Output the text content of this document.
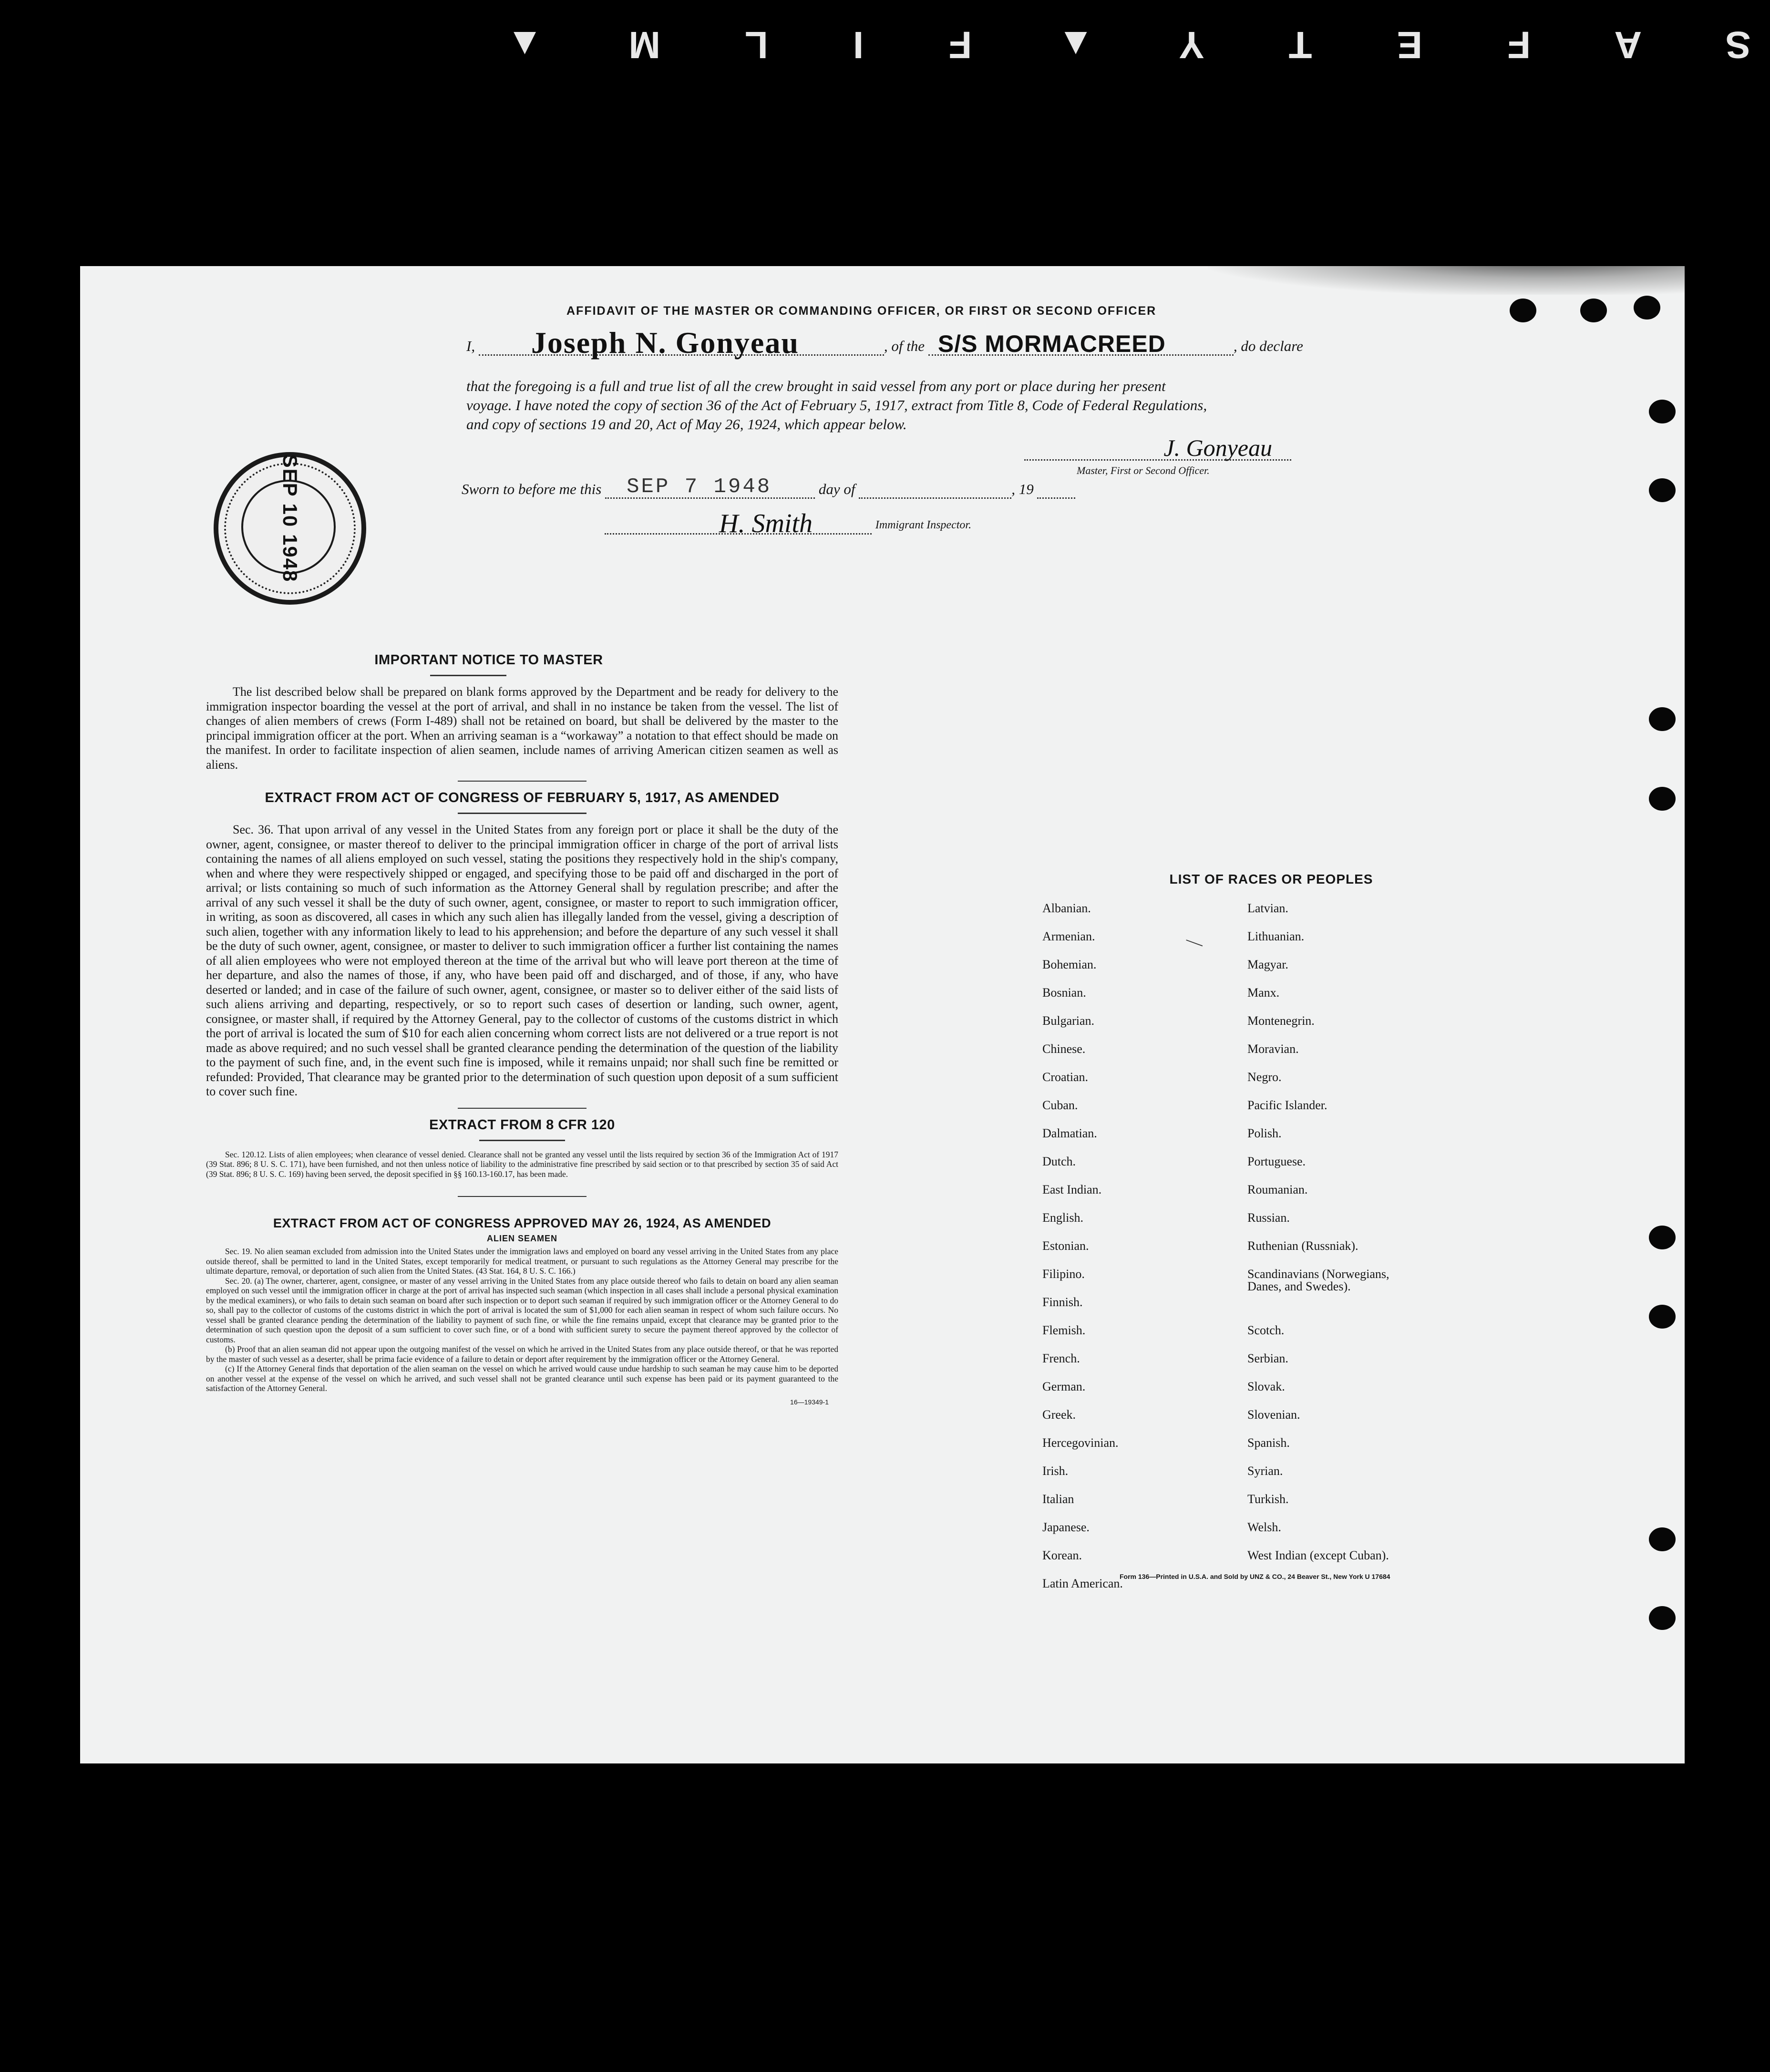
S A F E T Y ▲ F I L M ▲
AFFIDAVIT OF THE MASTER OR COMMANDING OFFICER, OR FIRST OR SECOND OFFICER
I, Joseph N. Gonyeau	, of the S/S MORMACREED	, do declare
that the foregoing is a full and true list of all the crew brought in said vessel from any port or place during her present
voyage. I have noted the copy of section 36 of the Act of February 5, 1917, extract from Title 8, Code of Federal Regulations,
and copy of sections 19 and 20, Act of May 26, 1924, which appear below.
J. Gonyeau
Master, First or Second Officer.
Sworn to before me this SEP 7 1948	day of	, 19
H. Smith	Immigrant Inspector.
SEP 10 1948
IMPORTANT NOTICE TO MASTER
The list described below shall be prepared on blank forms approved by the Department and be ready for delivery to the immigration inspector boarding the vessel at the port of arrival, and shall in no instance be taken from the vessel. The list of changes of alien members of crews (Form I-489) shall not be retained on board, but shall be delivered by the master to the principal immigration officer at the port. When an arriving seaman is a “workaway” a notation to that effect should be made on the manifest. In order to facilitate inspection of alien seamen, include names of arriving American citizen seamen as well as aliens.
EXTRACT FROM ACT OF CONGRESS OF FEBRUARY 5, 1917, AS AMENDED
Sec. 36. That upon arrival of any vessel in the United States from any foreign port or place it shall be the duty of the owner, agent, consignee, or master thereof to deliver to the principal immigration officer in charge of the port of arrival lists containing the names of all aliens employed on such vessel, stating the positions they respectively hold in the ship's company, when and where they were respectively shipped or engaged, and specifying those to be paid off and discharged in the port of arrival; or lists containing so much of such information as the Attorney General shall by regulation prescribe; and after the arrival of any such vessel it shall be the duty of such owner, agent, consignee, or master to report to such immigration officer, in writing, as soon as discovered, all cases in which any such alien has illegally landed from the vessel, giving a description of such alien, together with any information likely to lead to his apprehension; and before the departure of any such vessel it shall be the duty of such owner, agent, consignee, or master to deliver to such immigration officer a further list containing the names of all alien employees who were not employed thereon at the time of the arrival but who will leave port thereon at the time of her departure, and also the names of those, if any, who have been paid off and discharged, and of those, if any, who have deserted or landed; and in case of the failure of such owner, agent, consignee, or master so to deliver either of the said lists of such aliens arriving and departing, respectively, or so to report such cases of desertion or landing, such owner, agent, consignee, or master shall, if required by the Attorney General, pay to the collector of customs of the customs district in which the port of arrival is located the sum of $10 for each alien concerning whom correct lists are not delivered or a true report is not made as above required; and no such vessel shall be granted clearance pending the determination of the question of the liability to the payment of such fine, and, in the event such fine is imposed, while it remains unpaid; nor shall such fine be remitted or refunded: Provided, That clearance may be granted prior to the determination of such question upon deposit of a sum sufficient to cover such fine.
EXTRACT FROM 8 CFR 120
Sec. 120.12. Lists of alien employees; when clearance of vessel denied. Clearance shall not be granted any vessel until the lists required by section 36 of the Immigration Act of 1917 (39 Stat. 896; 8 U. S. C. 171), have been furnished, and not then unless notice of liability to the administrative fine prescribed by said section or to that prescribed by section 35 of said Act (39 Stat. 896; 8 U. S. C. 169) having been served, the deposit specified in §§ 160.13-160.17, has been made.
EXTRACT FROM ACT OF CONGRESS APPROVED MAY 26, 1924, AS AMENDED
ALIEN SEAMEN

Sec. 19. No alien seaman excluded from admission into the United States under the immigration laws and employed on board any vessel arriving in the United States from any place outside thereof, shall be permitted to land in the United States, except temporarily for medical treatment, or pursuant to such regulations as the Attorney General may prescribe for the ultimate departure, removal, or deportation of such alien from the United States. (43 Stat. 164, 8 U. S. C. 166.)

Sec. 20. (a) The owner, charterer, agent, consignee, or master of any vessel arriving in the United States from any place outside thereof who fails to detain on board any alien seaman employed on such vessel until the immigration officer in charge at the port of arrival has inspected such seaman (which inspection in all cases shall include a personal physical examination by the medical examiners), or who fails to detain such seaman on board after such inspection or to deport such seaman if required by such immigration officer or the Attorney General to do so, shall pay to the collector of customs of the customs district in which the port of arrival is located the sum of $1,000 for each alien seaman in respect of whom such failure occurs. No vessel shall be granted clearance pending the determination of the liability to payment of such fine, or while the fine remains unpaid, except that clearance may be granted prior to the determination of such question upon the deposit of a sum sufficient to cover such fine, or of a bond with sufficient surety to secure the payment thereof approved by the collector of customs.

(b) Proof that an alien seaman did not appear upon the outgoing manifest of the vessel on which he arrived in the United States from any place outside thereof, or that he was reported by the master of such vessel as a deserter, shall be prima facie evidence of a failure to detain or deport after requirement by the immigration officer or the Attorney General.

(c) If the Attorney General finds that deportation of the alien seaman on the vessel on which he arrived would cause undue hardship to such seaman he may cause him to be deported on another vessel at the expense of the vessel on which he arrived, and such vessel shall not be granted clearance until such expense has been paid or its payment guaranteed to the satisfaction of the Attorney General.

16—19349-1
LIST OF RACES OR PEOPLES
Albanian.	Latvian.
Armenian.	Lithuanian.
Bohemian.	Magyar.
Bosnian.	Manx.
Bulgarian.	Montenegrin.
Chinese.	Moravian.
Croatian.	Negro.
Cuban.	Pacific Islander.
Dalmatian.	Polish.
Dutch.	Portuguese.
East Indian.	Roumanian.
English.	Russian.
Estonian.	Ruthenian (Russniak).
Filipino.	Scandinavians (Norwegians,
Danes, and Swedes).
Finnish.
Flemish.	Scotch.
French.	Serbian.
German.	Slovak.
Greek.	Slovenian.
Hercegovinian.	Spanish.
Irish.	Syrian.
Italian	Turkish.
Japanese.	Welsh.
Korean.	West Indian (except Cuban).
Latin American.
—
Form 136—Printed in U.S.A. and Sold by UNZ & CO., 24 Beaver St., New York U 17684
